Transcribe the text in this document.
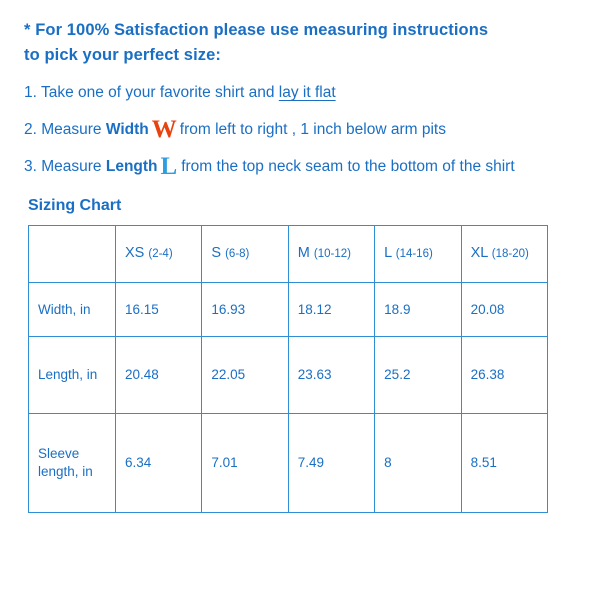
* For 100% Satisfaction please use measuring instructions
to pick your perfect size:
1. Take one of your favorite shirt and lay it flat
2. Measure Width W from left to right , 1 inch below arm pits
3. Measure Length L from the top neck seam to the bottom of the shirt
Sizing Chart
	XS (2-4)	S (6-8)	M (10-12)	L (14-16)	XL (18-20)
Width, in	16.15	16.93	18.12	18.9	20.08
Length, in	20.48	22.05	23.63	25.2	26.38
Sleeve length, in	6.34	7.01	7.49	8	8.51
